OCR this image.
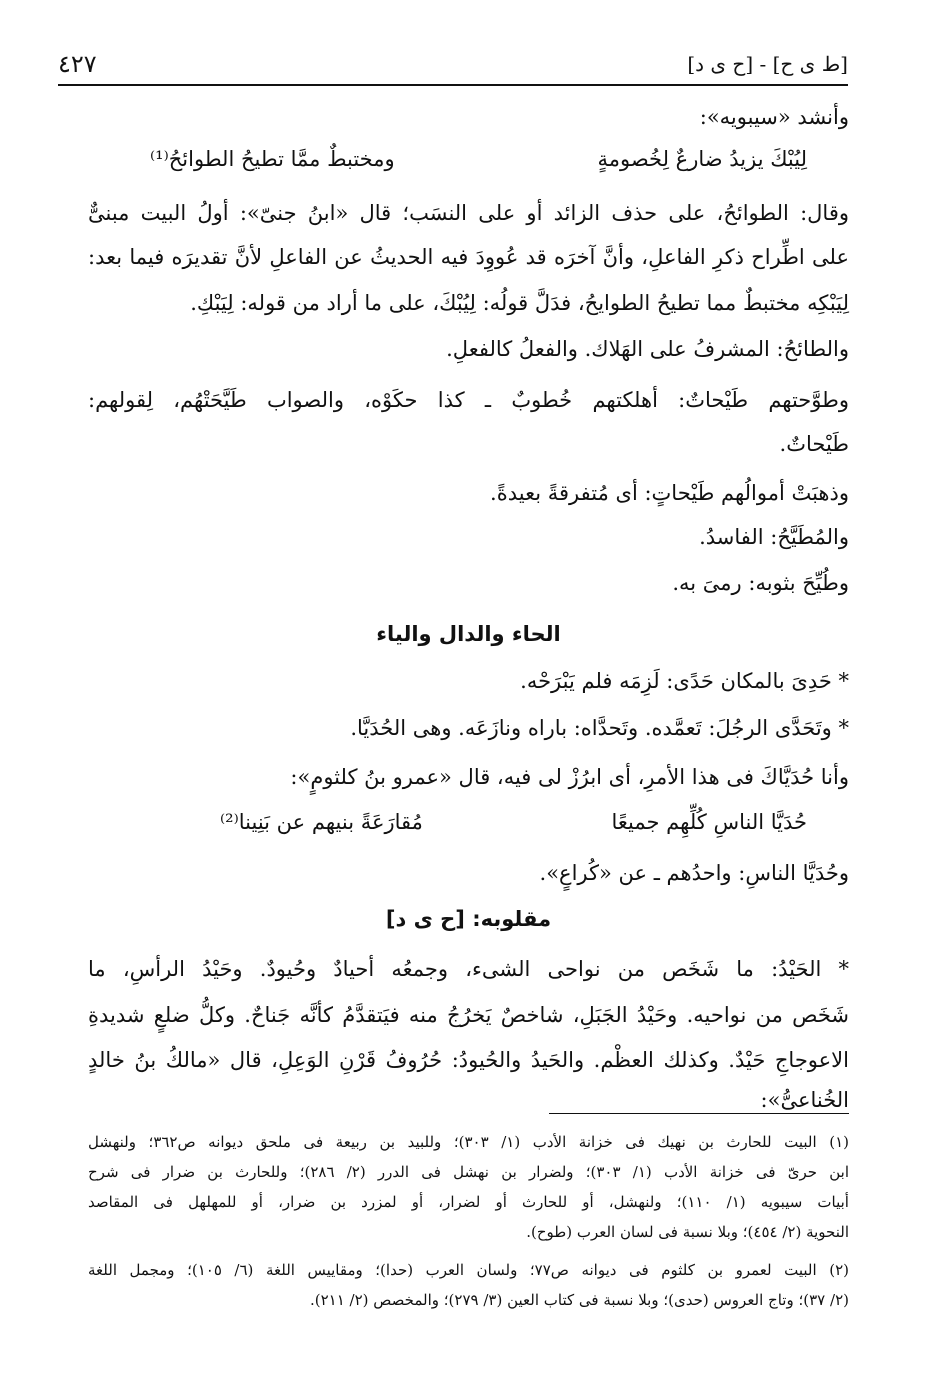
٤٢٧	[ط ى ح] - [ح ى د]
وأنشد «سيبويه»:
لِيُبْكَ يزيدُ ضارعٌ لِخُصومةٍ
ومختبطٌ ممَّا تطيحُ الطوائحُ⁽¹⁾
وقال: الطوائحُ، على حذف الزائد أو على النسَب؛ قال «ابنُ جنىّ»: أولُ البيت مبنىٌّ
على اطِّراح ذكرِ الفاعلِ، وأنَّ آخرَه قد عُووِدَ فيه الحديثُ عن الفاعلِ لأنَّ تقديرَه فيما بعد:
لِيَبْكِه مختبطٌ مما تطيحُ الطوايحُ، فدَلَّ قولُه: لِيُبْكَ، على ما أراد من قوله: لِيَبْكِ.
والطائحُ: المشرفُ على الهَلاك. والفعلُ كالفعلِ.
وطوَّحتهم طَيْحاتٌ: أهلكتهم خُطوبٌ ـ كذا حكَوْه، والصواب طَيَّحَتْهُم، لِقولهم:
طَيْحاتٌ.
وذهبَتْ أموالُهم طَيْحاتٍ: أى مُتفرقةً بعيدةً.
والمُطَيَّحُ: الفاسدُ.
وطُيِّحَ بثوبه: رمىَ به.
الحاء والدال والياء
* حَدِىَ بالمكان حَدًى: لَزِمَه فلم يَبْرَحْه.
* وتَحَدَّى الرجُلَ: تَعمَّده. وتَحدَّاه: باراه ونازَعَه. وهى الحُدَيَّا.
وأنا حُدَيَّاكَ فى هذا الأمرِ، أى ابرُزْ لى فيه، قال «عمرو بنُ كلثومٍ»:
حُدَيَّا الناسِ كُلِّهِم جميعًا
مُقارَعَةً بنيهم عن بَنِينا⁽²⁾
وحُدَيَّا الناسِ: واحدُهم ـ عن «كُراعٍ».
مقلوبه: [ح ى د]
* الحَيْدُ: ما شَخَص من نواحى الشىء، وجمعُه أحيادٌ وحُيودٌ. وحَيْدُ الرأسِ، ما
شَخَص من نواحيه. وحَيْدُ الجَبَلِ، شاخصٌ يَخرُجُ منه فيَتقدَّمُ كأنَّه جَناحٌ. وكلُّ ضلعٍ شديدةِ
الاعوجاجِ حَيْدٌ. وكذلك العظْم. والحَيدُ والحُيودُ: حُرُوفُ قَرْنِ الوَعِلِ، قال «مالكُ بنُ خالدٍ
الخُناعىُّ»:
(١) البيت للحارث بن نهيك فى خزانة الأدب (١/ ٣٠٣)؛ وللبيد بن ربيعة فى ملحق ديوانه ص٣٦٢؛ ولنهشل
ابن حرىّ فى خزانة الأدب (١/ ٣٠٣)؛ ولضرار بن نهشل فى الدرر (٢/ ٢٨٦)؛ وللحارث بن ضرار فى شرح
أبيات سيبويه (١/ ١١٠)؛ ولنهشل، أو للحارث أو لضرار، أو لمزرد بن ضرار، أو للمهلهل فى المقاصد
النحوية (٢/ ٤٥٤)؛ وبلا نسبة فى لسان العرب (طوح).
(٢) البيت لعمرو بن كلثوم فى ديوانه ص٧٧؛ ولسان العرب (حدا)؛ ومقاييس اللغة (٦/ ١٠٥)؛ ومجمل اللغة
(٢/ ٣٧)؛ وتاج العروس (حدى)؛ وبلا نسبة فى كتاب العين (٣/ ٢٧٩)؛ والمخصص (٢/ ٢١١).
